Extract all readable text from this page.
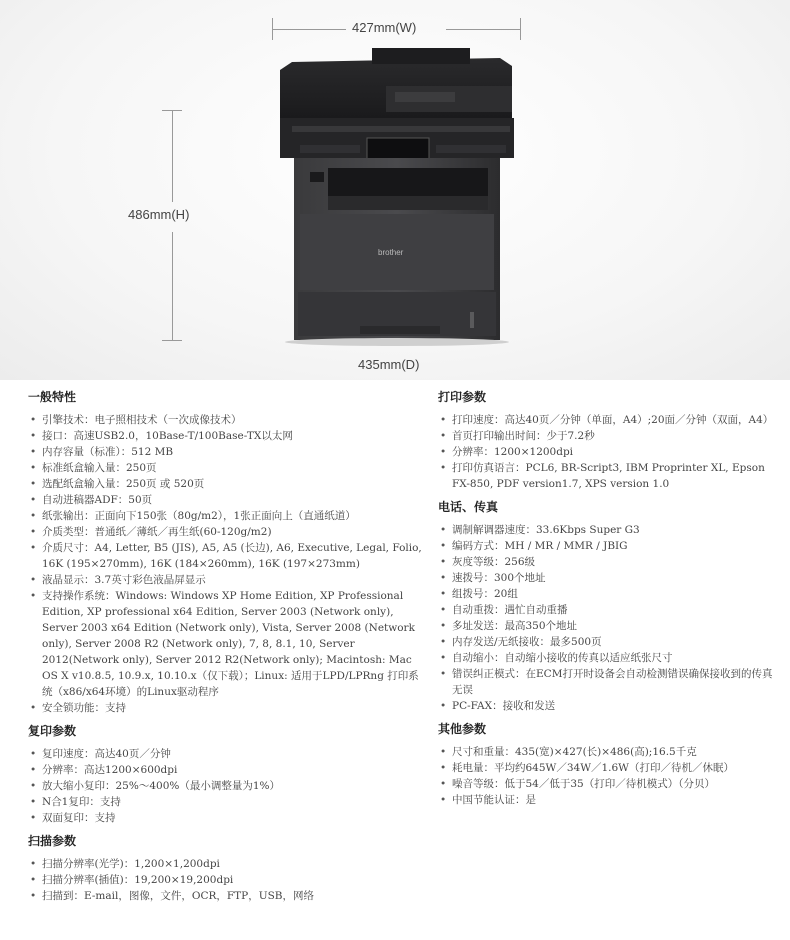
427mm(W)
486mm(H)
brother
435mm(D)
一般特性
• 引擎技术：电子照相技术（一次成像技术）
• 接口：高速USB2.0，10Base-T/100Base-TX以太网
• 内存容量（标准）：512 MB
• 标准纸盒输入量：250页
• 选配纸盒输入量：250页 或 520页
• 自动进稿器ADF：50页
• 纸张输出：正面向下150张（80g/m2），1张正面向上（直通纸道）
• 介质类型：普通纸／薄纸／再生纸(60-120g/m2)
• 介质尺寸：A4, Letter, B5 (JIS), A5, A5 (长边), A6, Executive, Legal, Folio, 16K (195×270mm), 16K (184×260mm), 16K (197×273mm)
• 液晶显示：3.7英寸彩色液晶屏显示
• 支持操作系统：Windows: Windows XP Home Edition, XP Professional Edition, XP professional x64 Edition, Server 2003 (Network only), Server 2003 x64 Edition (Network only), Vista, Server 2008 (Network only), Server 2008 R2 (Network only), 7, 8, 8.1, 10, Server 2012(Network only), Server 2012 R2(Network only); Macintosh: Mac OS X v10.8.5, 10.9.x, 10.10.x（仅下载）；Linux: 适用于LPD/LPRng 打印系统（x86/x64环境）的Linux驱动程序
• 安全锁功能：支持
复印参数
• 复印速度：高达40页／分钟
• 分辨率：高达1200×600dpi
• 放大缩小复印：25%～400%（最小调整量为1%）
• N合1复印：支持
• 双面复印：支持
扫描参数
• 扫描分辨率(光学)：1,200×1,200dpi
• 扫描分辨率(插值)：19,200×19,200dpi
• 扫描到：E-mail，图像，文件，OCR，FTP，USB，网络
打印参数
• 打印速度：高达40页／分钟（单面，A4）;20面／分钟（双面，A4）
• 首页打印输出时间：少于7.2秒
• 分辨率：1200×1200dpi
• 打印仿真语言：PCL6, BR-Script3, IBM Proprinter XL, Epson FX-850, PDF version1.7, XPS version 1.0
电话、传真
• 调制解调器速度：33.6Kbps Super G3
• 编码方式：MH / MR / MMR / JBIG
• 灰度等级：256级
• 速拨号：300个地址
• 组拨号：20组
• 自动重拨：遇忙自动重播
• 多址发送：最高350个地址
• 内存发送/无纸接收：最多500页
• 自动缩小：自动缩小接收的传真以适应纸张尺寸
• 错误纠正模式：在ECM打开时设备会自动检测错误确保接收到的传真无误
• PC-FAX：接收和发送
其他参数
• 尺寸和重量：435(宽)×427(长)×486(高);16.5千克
• 耗电量：平均约645W／34W／1.6W（打印／待机／休眠）
• 噪音等级：低于54／低于35（打印／待机模式）（分贝）
• 中国节能认证：是
